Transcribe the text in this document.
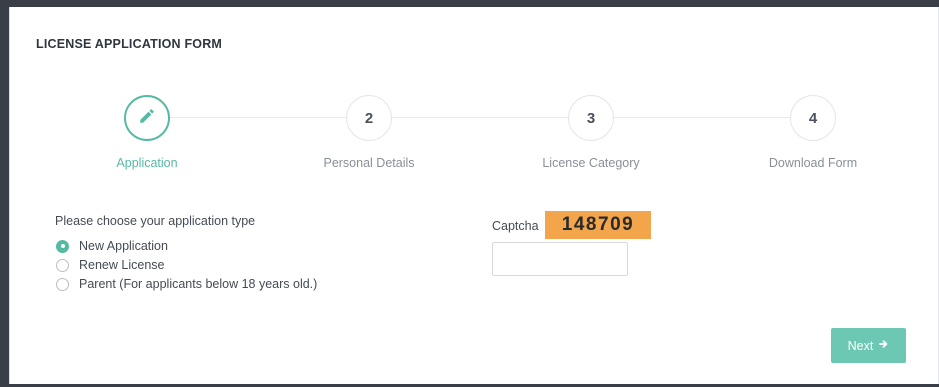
LICENSE APPLICATION FORM
Application
2
Personal Details
3
License Category
4
Download Form
Please choose your application type
New Application
Renew License
Parent (For applicants below 18 years old.)
Captcha	148709
Next
